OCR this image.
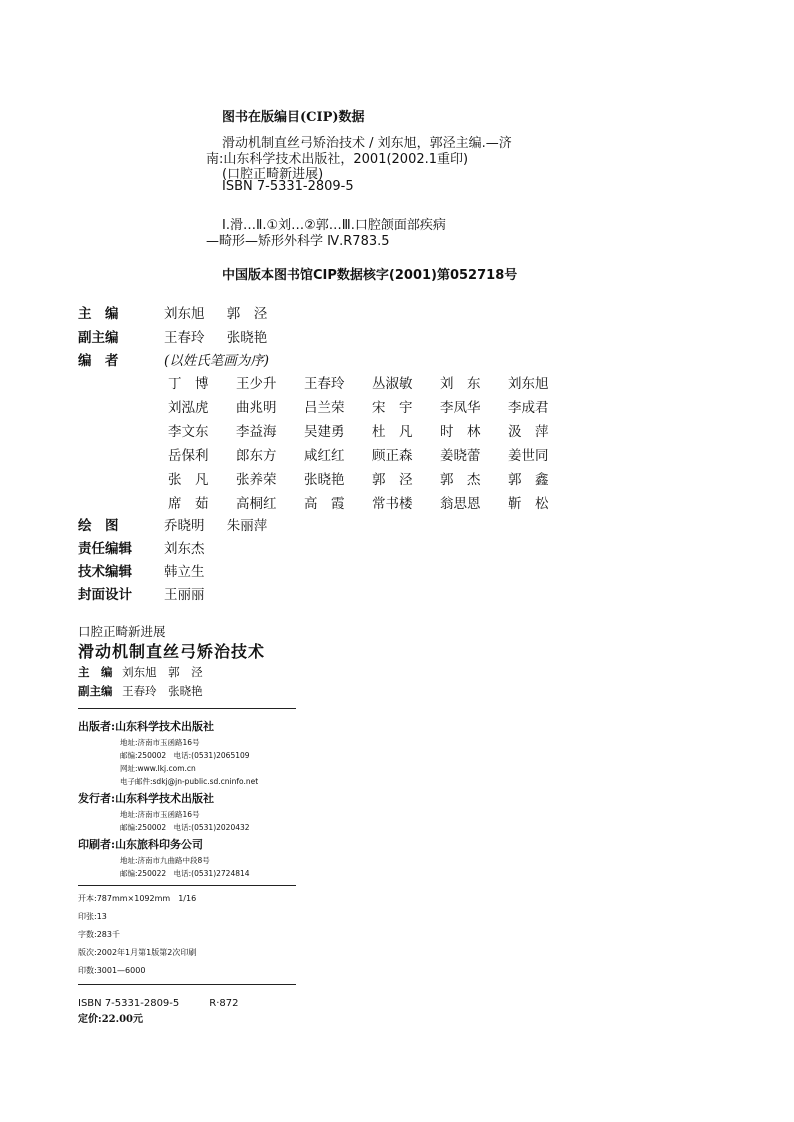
图书在版编目(CIP)数据
滑动机制直丝弓矫治技术 / 刘东旭，郭泾主编.—济
南:山东科学技术出版社，2001(2002.1重印)
(口腔正畸新进展)
ISBN 7-5331-2809-5
Ⅰ.滑…Ⅱ.①刘…②郭…Ⅲ.口腔颌面部疾病
—畸形—矫形外科学 Ⅳ.R783.5
中国版本图书馆CIP数据核字(2001)第052718号
主　编	刘东旭 郭　泾
副主编	王春玲 张晓艳
编　者	(以姓氏笔画为序)
丁　博	王少升	王春玲	丛淑敏	刘　东	刘东旭
刘泓虎	曲兆明	吕兰荣	宋　宇	李凤华	李成君
李文东	李益海	吴建勇	杜　凡	时　林	汲　萍
岳保利	郎东方	咸红红	顾正森	姜晓蕾	姜世同
张　凡	张养荣	张晓艳	郭　泾	郭　杰	郭　鑫
席　茹	高桐红	高　霞	常书楼	翁思恩	靳　松
绘　图	乔晓明 朱丽萍
责任编辑	刘东杰
技术编辑	韩立生
封面设计	王丽丽
口腔正畸新进展
滑动机制直丝弓矫治技术
主　编 刘东旭　郭　泾
副主编 王春玲　张晓艳
出版者:山东科学技术出版社
地址:济南市玉函路16号
邮编:250002　电话:(0531)2065109
网址:www.lkj.com.cn
电子邮件:sdkj@jn-public.sd.cninfo.net
发行者:山东科学技术出版社
地址:济南市玉函路16号
邮编:250002　电话:(0531)2020432
印刷者:山东旅科印务公司
地址:济南市九曲路中段8号
邮编:250022　电话:(0531)2724814
开本:787mm×1092mm　1/16
印张:13
字数:283千
版次:2002年1月第1版第2次印刷
印数:3001—6000
ISBN 7-5331-2809-5　　　R·872
定价:22.00元
